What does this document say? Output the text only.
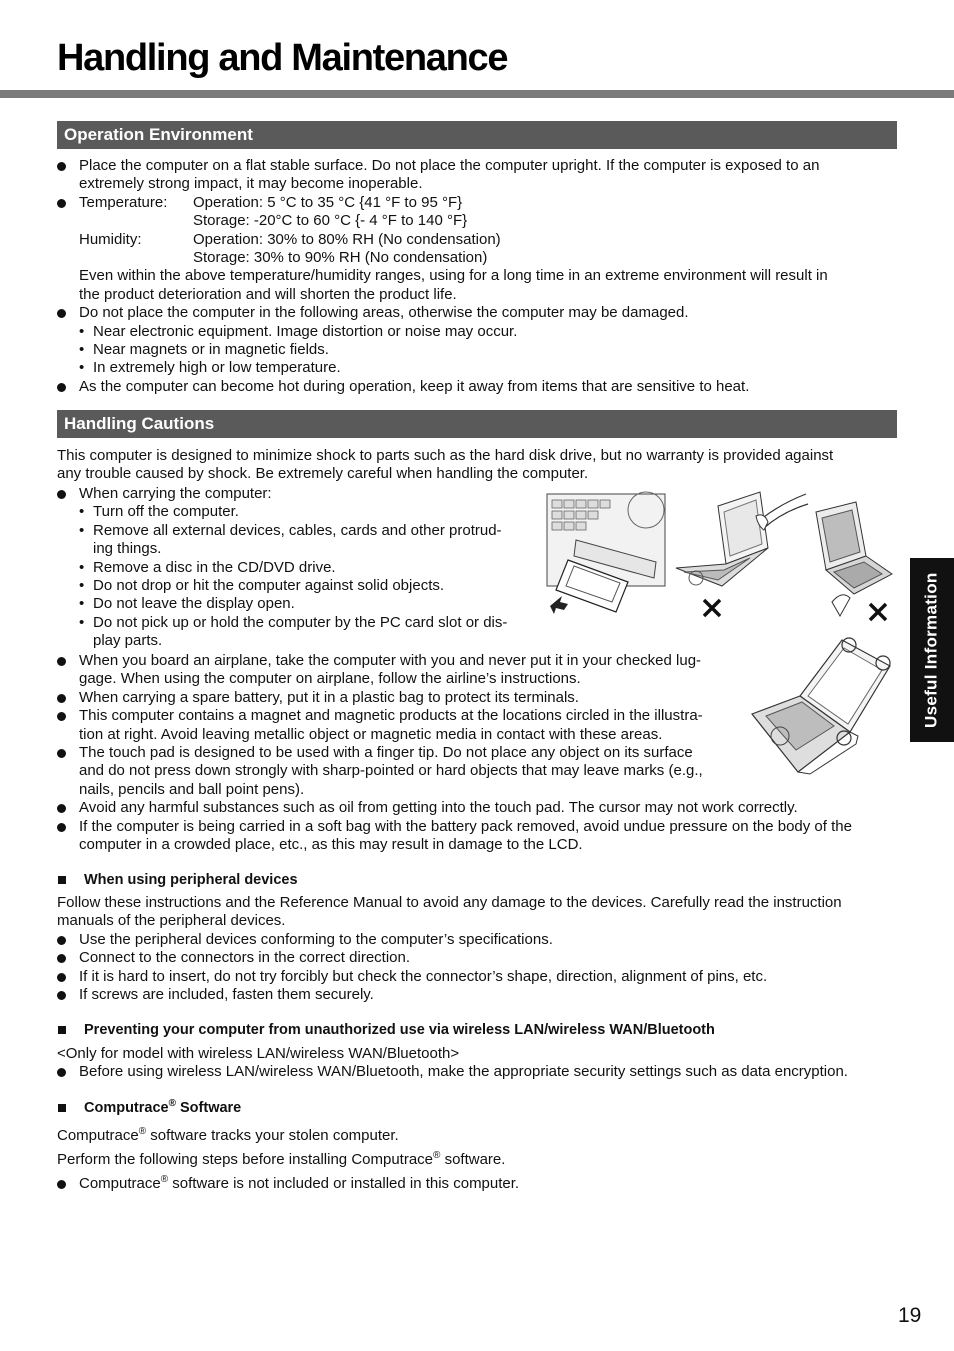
Handling and Maintenance
Operation Environment
Place the computer on a flat stable surface. Do not place the computer upright. If the computer is exposed to an
extremely strong impact, it may become inoperable.
Temperature: Operation: 5 °C to 35 °C {41 °F to 95 °F}
Storage: -20°C to 60 °C {- 4 °F to 140 °F}
Humidity:	Operation: 30% to 80% RH (No condensation)
Storage: 30% to 90% RH (No condensation)
Even within the above temperature/humidity ranges, using for a long time in an extreme environment will result in
the product deterioration and will shorten the product life.
Do not place the computer in the following areas, otherwise the computer may be damaged.
• Near electronic equipment. Image distortion or noise may occur.
• Near magnets or in magnetic fields.
• In extremely high or low temperature.
As the computer can become hot during operation, keep it away from items that are sensitive to heat.
Handling Cautions
This computer is designed to minimize shock to parts such as the hard disk drive, but no warranty is provided against
any trouble caused by shock. Be extremely careful when handling the computer.
When carrying the computer:
• Turn off the computer.
• Remove all external devices, cables, cards and other protrud-
ing things.
• Remove a disc in the CD/DVD drive.
• Do not drop or hit the computer against solid objects.
• Do not leave the display open.
• Do not pick up or hold the computer by the PC card slot or dis-
play parts.
When you board an airplane, take the computer with you and never put it in your checked lug-
gage. When using the computer on airplane, follow the airline’s instructions.
When carrying a spare battery, put it in a plastic bag to protect its terminals.
This computer contains a magnet and magnetic products at the locations circled in the illustra-
tion at right. Avoid leaving metallic object or magnetic media in contact with these areas.
The touch pad is designed to be used with a finger tip. Do not place any object on its surface
and do not press down strongly with sharp-pointed or hard objects that may leave marks (e.g.,
nails, pencils and ball point pens).
Avoid any harmful substances such as oil from getting into the touch pad. The cursor may not work correctly.
If the computer is being carried in a soft bag with the battery pack removed, avoid undue pressure on the body of the
computer in a crowded place, etc., as this may result in damage to the LCD.
When using peripheral devices
Follow these instructions and the Reference Manual to avoid any damage to the devices. Carefully read the instruction
manuals of the peripheral devices.
Use the peripheral devices conforming to the computer’s specifications.
Connect to the connectors in the correct direction.
If it is hard to insert, do not try forcibly but check the connector’s shape, direction, alignment of pins, etc.
If screws are included, fasten them securely.
Preventing your computer from unauthorized use via wireless LAN/wireless WAN/Bluetooth
<Only for model with wireless LAN/wireless WAN/Bluetooth>
Before using wireless LAN/wireless WAN/Bluetooth, make the appropriate security settings such as data encryption.
Computrace® Software
Computrace® software tracks your stolen computer.
Perform the following steps before installing Computrace® software.
Computrace® software is not included or installed in this computer.
Useful Information
19
